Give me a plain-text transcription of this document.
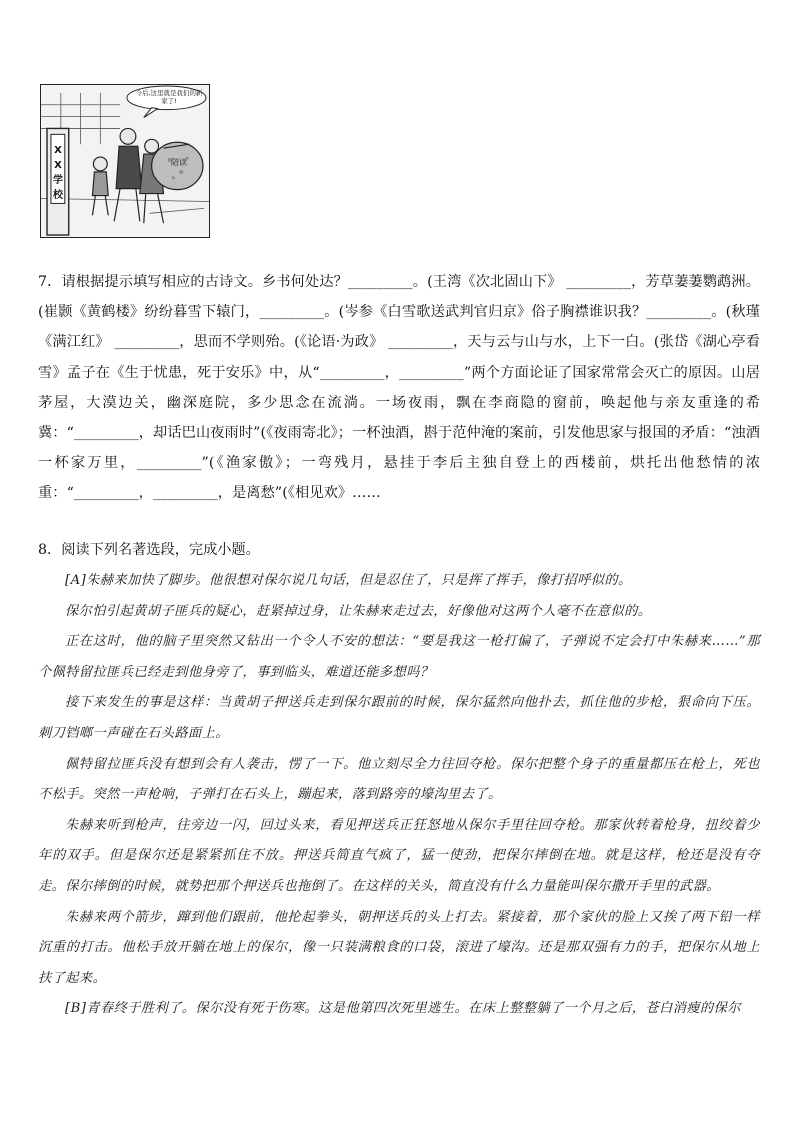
今后,这里就是我们的新家了!
XX学校
陪读

7．请根据提示填写相应的古诗文。乡书何处达？_________。(王湾《次北固山下》 _________，芳草萋萋鹦鹉洲。(崔颢《黄鹤楼》纷纷暮雪下辕门，_________。(岑参《白雪歌送武判官归京》俗子胸襟谁识我？_________。(秋瑾《满江红》 _________，思而不学则殆。(《论语·为政》 _________，天与云与山与水，上下一白。(张岱《湖心亭看雪》孟子在《生于忧患，死于安乐》中，从“_________，_________”两个方面论证了国家常常会灭亡的原因。山居茅屋，大漠边关，幽深庭院，多少思念在流淌。一场夜雨，飘在李商隐的窗前，唤起他与亲友重逢的希冀：“_________，却话巴山夜雨时”(《夜雨寄北》；一杯浊酒，斟于范仲淹的案前，引发他思家与报国的矛盾：“浊酒一杯家万里，_________”(《渔家傲》；一弯残月，悬挂于李后主独自登上的西楼前，烘托出他愁情的浓重：“_________，_________，是离愁”(《相见欢》……

8．阅读下列名著选段，完成小题。

[A]朱赫来加快了脚步。他很想对保尔说几句话，但是忍住了，只是挥了挥手，像打招呼似的。

保尔怕引起黄胡子匪兵的疑心，赶紧掉过身，让朱赫来走过去，好像他对这两个人毫不在意似的。

正在这时，他的脑子里突然又钻出一个令人不安的想法：“要是我这一枪打偏了，子弹说不定会打中朱赫来……”那个佩特留拉匪兵已经走到他身旁了，事到临头，难道还能多想吗？

接下来发生的事是这样：当黄胡子押送兵走到保尔跟前的时候，保尔猛然向他扑去，抓住他的步枪，狠命向下压。刺刀铛啷一声碰在石头路面上。

佩特留拉匪兵没有想到会有人袭击，愣了一下。他立刻尽全力往回夺枪。保尔把整个身子的重量都压在枪上，死也不松手。突然一声枪响，子弹打在石头上，蹦起来，落到路旁的壕沟里去了。

朱赫来听到枪声，往旁边一闪，回过头来，看见押送兵正狂怒地从保尔手里往回夺枪。那家伙转着枪身，扭绞着少年的双手。但是保尔还是紧紧抓住不放。押送兵简直气疯了，猛一使劲，把保尔摔倒在地。就是这样，枪还是没有夺走。保尔摔倒的时候，就势把那个押送兵也拖倒了。在这样的关头，简直没有什么力量能叫保尔撒开手里的武器。

朱赫来两个箭步，蹿到他们跟前，他抡起拳头，朝押送兵的头上打去。紧接着，那个家伙的脸上又挨了两下铅一样沉重的打击。他松手放开躺在地上的保尔，像一只装满粮食的口袋，滚进了壕沟。还是那双强有力的手，把保尔从地上扶了起来。

[B]青春终于胜利了。保尔没有死于伤寒。这是他第四次死里逃生。在床上整整躺了一个月之后，苍白消瘦的保尔
